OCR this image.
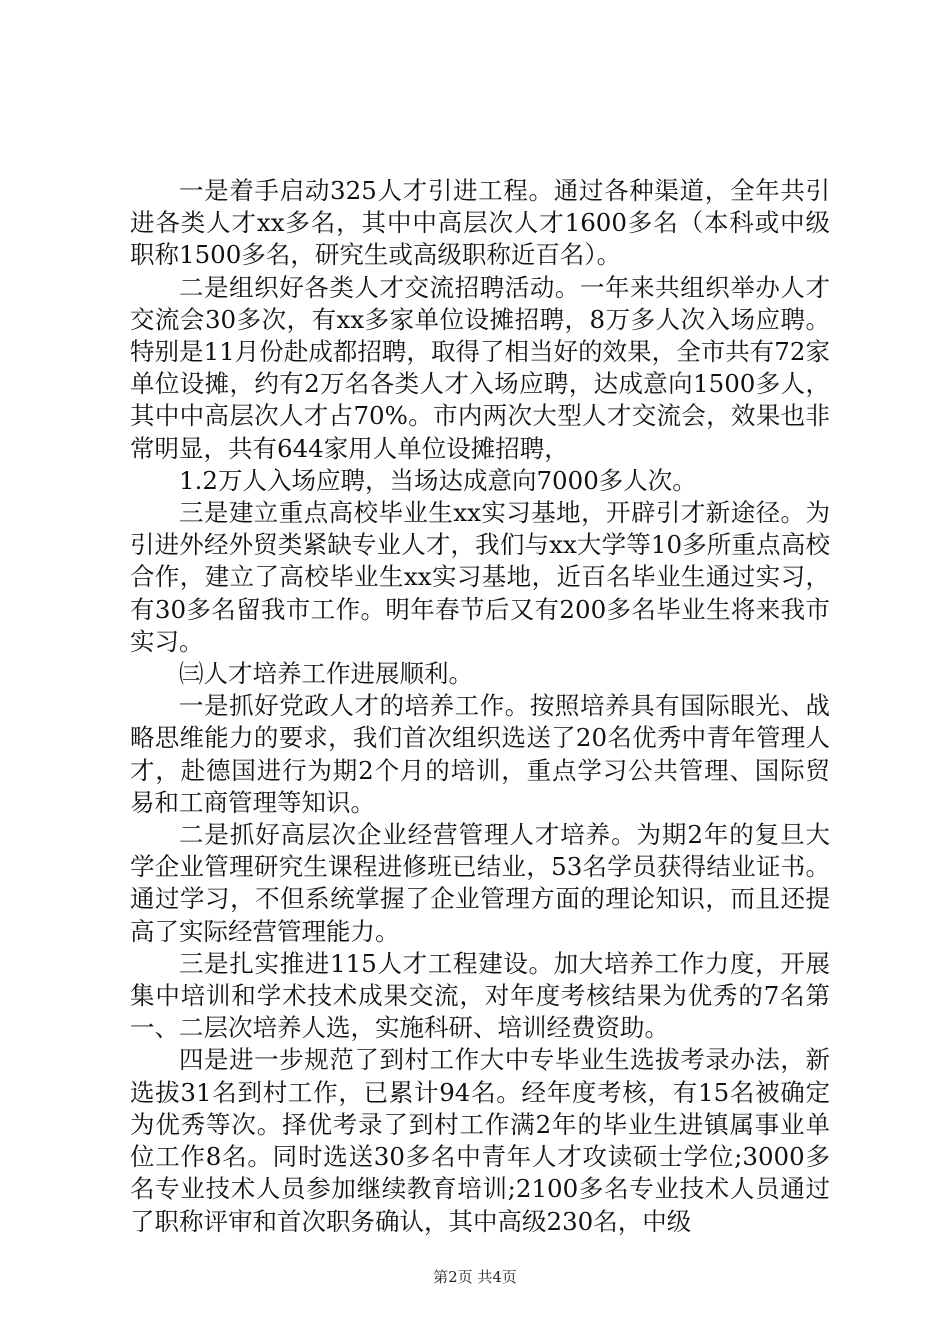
一是着手启动325人才引进工程。通过各种渠道，全年共引进各类人才xx多名，其中中高层次人才1600多名（本科或中级职称1500多名，研究生或高级职称近百名）。

二是组织好各类人才交流招聘活动。一年来共组织举办人才交流会30多次，有xx多家单位设摊招聘，8万多人次入场应聘。特别是11月份赴成都招聘，取得了相当好的效果，全市共有72家单位设摊，约有2万名各类人才入场应聘，达成意向1500多人，其中中高层次人才占70%。市内两次大型人才交流会，效果也非常明显，共有644家用人单位设摊招聘，

1.2万人入场应聘，当场达成意向7000多人次。

三是建立重点高校毕业生xx实习基地，开辟引才新途径。为引进外经外贸类紧缺专业人才，我们与xx大学等10多所重点高校合作，建立了高校毕业生xx实习基地，近百名毕业生通过实习，有30多名留我市工作。明年春节后又有200多名毕业生将来我市实习。

㈢人才培养工作进展顺利。

一是抓好党政人才的培养工作。按照培养具有国际眼光、战略思维能力的要求，我们首次组织选送了20名优秀中青年管理人才，赴德国进行为期2个月的培训，重点学习公共管理、国际贸易和工商管理等知识。

二是抓好高层次企业经营管理人才培养。为期2年的复旦大学企业管理研究生课程进修班已结业，53名学员获得结业证书。通过学习，不但系统掌握了企业管理方面的理论知识，而且还提高了实际经营管理能力。

三是扎实推进115人才工程建设。加大培养工作力度，开展集中培训和学术技术成果交流，对年度考核结果为优秀的7名第一、二层次培养人选，实施科研、培训经费资助。

四是进一步规范了到村工作大中专毕业生选拔考录办法，新选拔31名到村工作，已累计94名。经年度考核，有15名被确定为优秀等次。择优考录了到村工作满2年的毕业生进镇属事业单位工作8名。同时选送30多名中青年人才攻读硕士学位;3000多名专业技术人员参加继续教育培训;2100多名专业技术人员通过了职称评审和首次职务确认，其中高级230名，中级

第2页 共4页
